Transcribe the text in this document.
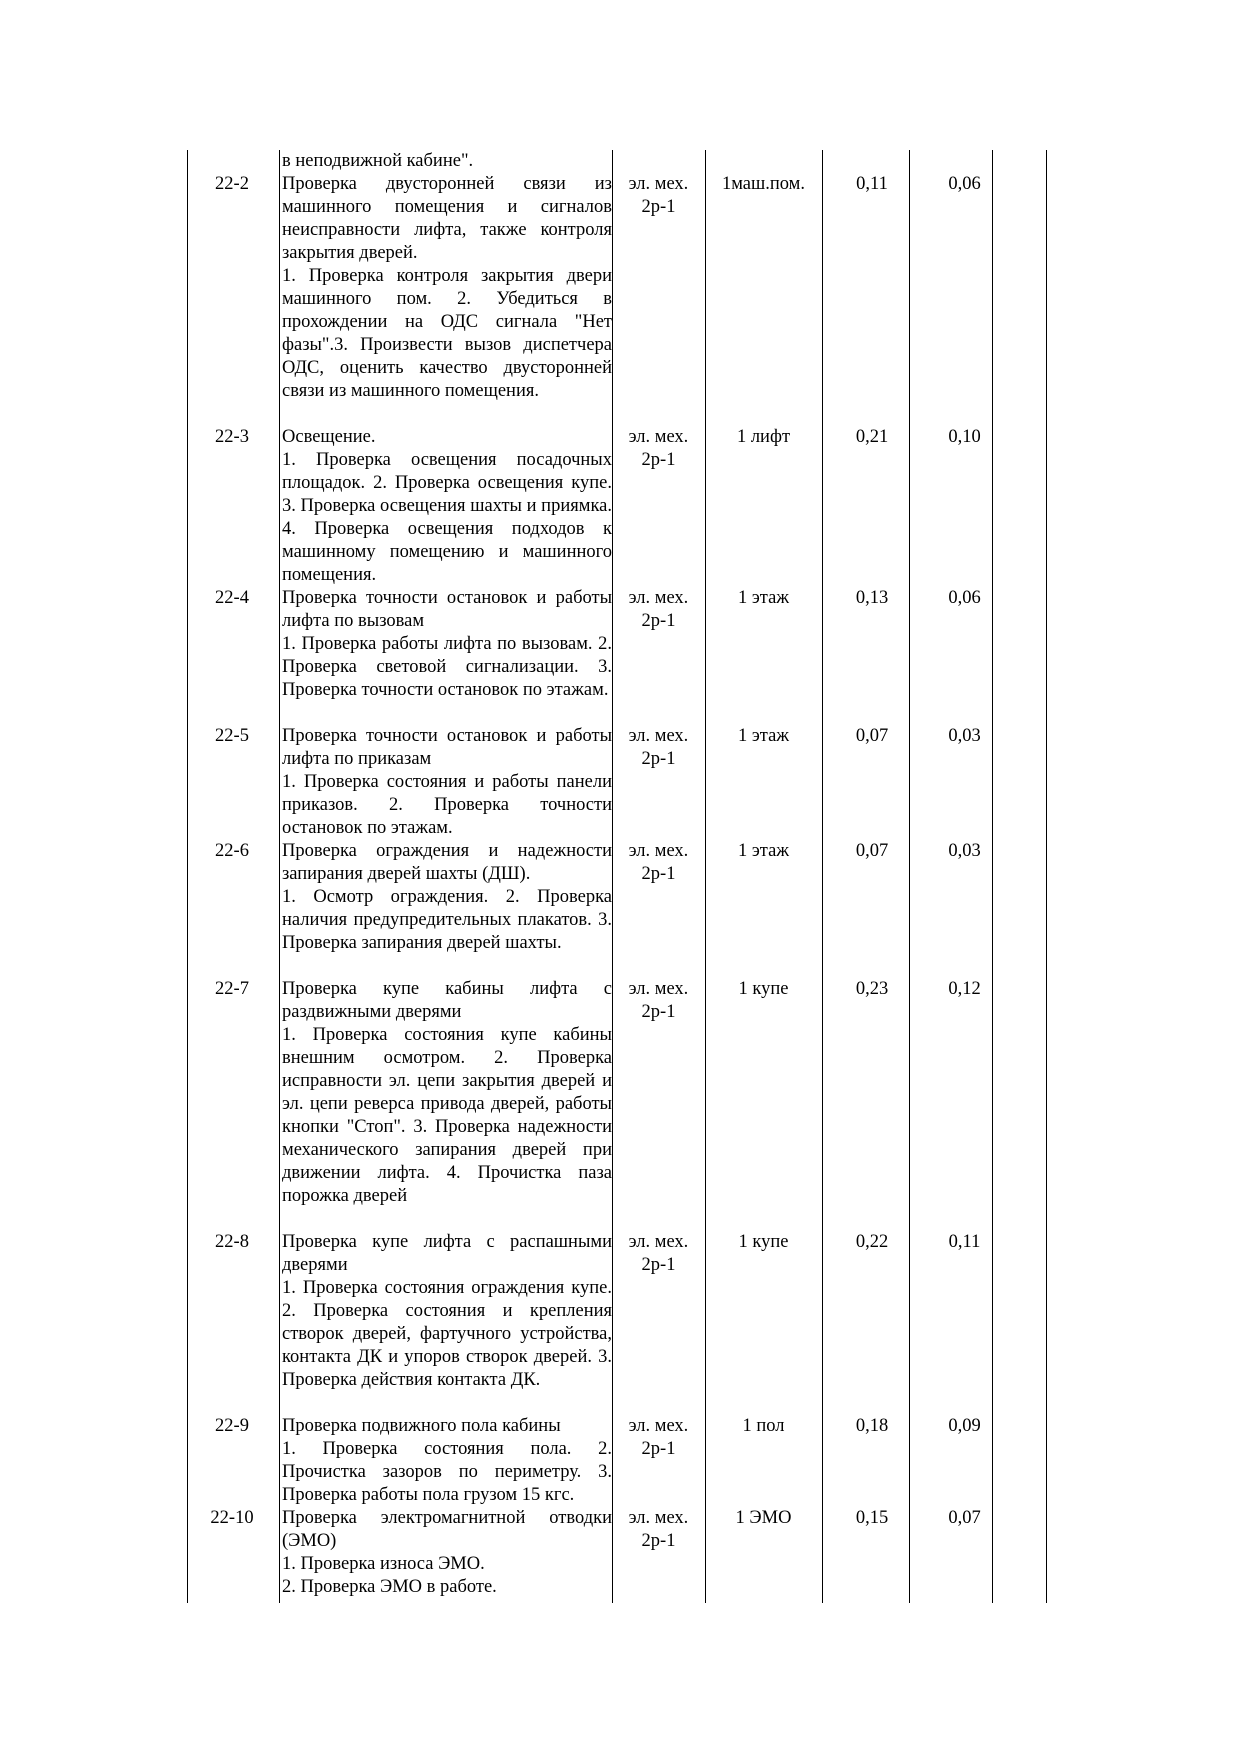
в неподвижной кабине".
22-2	Проверка двусторонней связи из машинного помещения и сигналов неисправности лифта, также контроля закрытия дверей.
1. Проверка контроля закрытия двери машинного пом. 2. Убедиться в прохождении на ОДС сигнала "Нет фазы".3. Произвести вызов диспетчера ОДС, оценить качество двусторонней связи из машинного помещения.
эл. мех.
2р-1
1маш.пом.	0,11	0,06
22-3	Освещение.
1. Проверка освещения посадочных площадок. 2. Проверка освещения купе. 3. Проверка освещения шахты и приямка. 4. Проверка освещения подходов к машинному помещению и машинного помещения.
эл. мех.
2р-1
1 лифт	0,21	0,10
22-4	Проверка точности остановок и работы лифта по вызовам
1. Проверка работы лифта по вызовам. 2. Проверка световой сигнализации. 3. Проверка точности остановок по этажам.
эл. мех.
2р-1
1 этаж	0,13	0,06
22-5	Проверка точности остановок и работы лифта по приказам
1. Проверка состояния и работы панели приказов. 2. Проверка точности остановок по этажам.
эл. мех.
2р-1
1 этаж	0,07	0,03
22-6	Проверка ограждения и надежности запирания дверей шахты (ДШ).
1. Осмотр ограждения. 2. Проверка наличия предупредительных плакатов. 3. Проверка запирания дверей шахты.
эл. мех.
2р-1
1 этаж	0,07	0,03
22-7	Проверка купе кабины лифта с раздвижными дверями
1. Проверка состояния купе кабины внешним осмотром. 2. Проверка исправности эл. цепи закрытия дверей и эл. цепи реверса привода дверей, работы кнопки "Стоп". 3. Проверка надежности механического запирания дверей при движении лифта. 4. Прочистка паза порожка дверей
эл. мех.
2р-1
1 купе	0,23	0,12
22-8	Проверка купе лифта с распашными дверями
1. Проверка состояния ограждения купе. 2. Проверка состояния и крепления створок дверей, фартучного устройства, контакта ДК и упоров створок дверей. 3. Проверка действия контакта ДК.
эл. мех.
2р-1
1 купе	0,22	0,11
22-9	Проверка подвижного пола кабины
1. Проверка состояния пола. 2. Прочистка зазоров по периметру. 3. Проверка работы пола грузом 15 кгс.
эл. мех.
2р-1
1 пол	0,18	0,09
22-10	Проверка электромагнитной отводки (ЭМО)
1. Проверка износа ЭМО.
2. Проверка ЭМО в работе.
эл. мех.
2р-1
1 ЭМО	0,15	0,07
